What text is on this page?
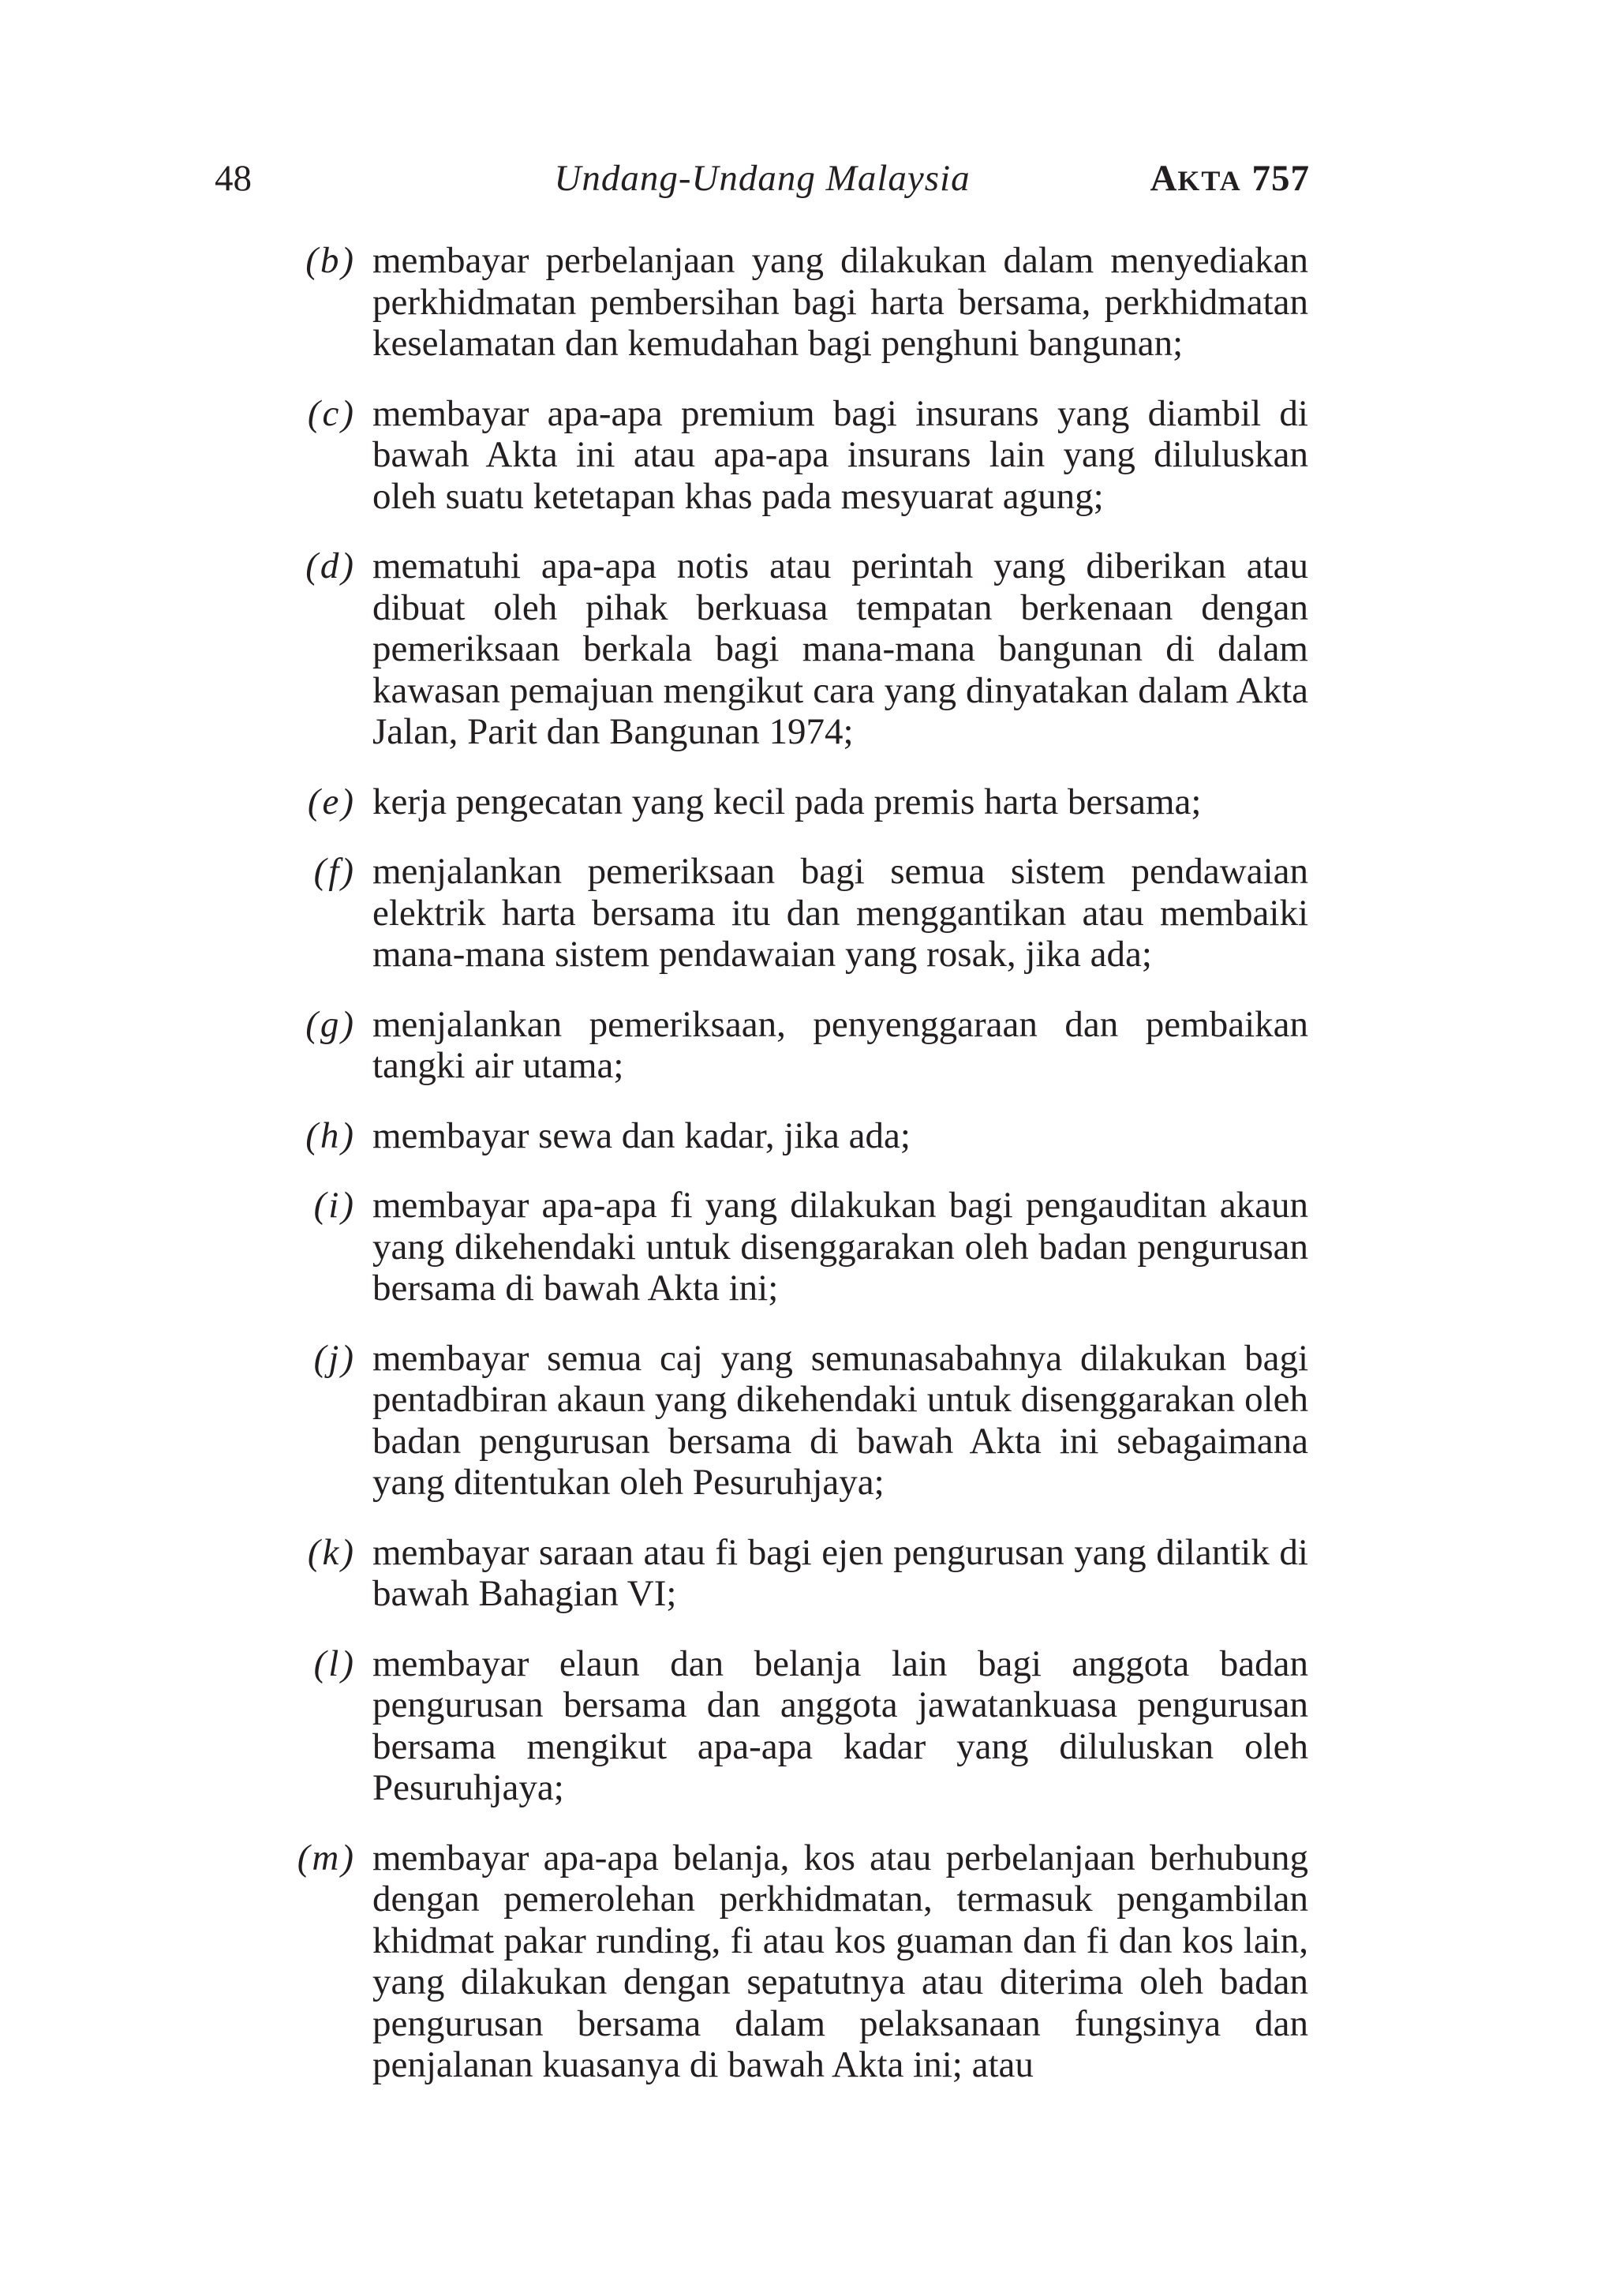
48	Undang-Undang Malaysia	AKTA 757
(b) membayar perbelanjaan yang dilakukan dalam menyediakan perkhidmatan pembersihan bagi harta bersama, perkhidmatan keselamatan dan kemudahan bagi penghuni bangunan;
(c) membayar apa-apa premium bagi insurans yang diambil di bawah Akta ini atau apa-apa insurans lain yang diluluskan oleh suatu ketetapan khas pada mesyuarat agung;
(d) mematuhi apa-apa notis atau perintah yang diberikan atau dibuat oleh pihak berkuasa tempatan berkenaan dengan pemeriksaan berkala bagi mana-mana bangunan di dalam kawasan pemajuan mengikut cara yang dinyatakan dalam Akta Jalan, Parit dan Bangunan 1974;
(e) kerja pengecatan yang kecil pada premis harta bersama;
(f) menjalankan pemeriksaan bagi semua sistem pendawaian elektrik harta bersama itu dan menggantikan atau membaiki mana-mana sistem pendawaian yang rosak, jika ada;
(g) menjalankan pemeriksaan, penyenggaraan dan pembaikan tangki air utama;
(h) membayar sewa dan kadar, jika ada;
(i) membayar apa-apa fi yang dilakukan bagi pengauditan akaun yang dikehendaki untuk disenggarakan oleh badan pengurusan bersama di bawah Akta ini;
(j) membayar semua caj yang semunasabahnya dilakukan bagi pentadbiran akaun yang dikehendaki untuk disenggarakan oleh badan pengurusan bersama di bawah Akta ini sebagaimana yang ditentukan oleh Pesuruhjaya;
(k) membayar saraan atau fi bagi ejen pengurusan yang dilantik di bawah Bahagian VI;
(l) membayar elaun dan belanja lain bagi anggota badan pengurusan bersama dan anggota jawatankuasa pengurusan bersama mengikut apa-apa kadar yang diluluskan oleh Pesuruhjaya;
(m) membayar apa-apa belanja, kos atau perbelanjaan berhubung dengan pemerolehan perkhidmatan, termasuk pengambilan khidmat pakar runding, fi atau kos guaman dan fi dan kos lain, yang dilakukan dengan sepatutnya atau diterima oleh badan pengurusan bersama dalam pelaksanaan fungsinya dan penjalanan kuasanya di bawah Akta ini; atau
